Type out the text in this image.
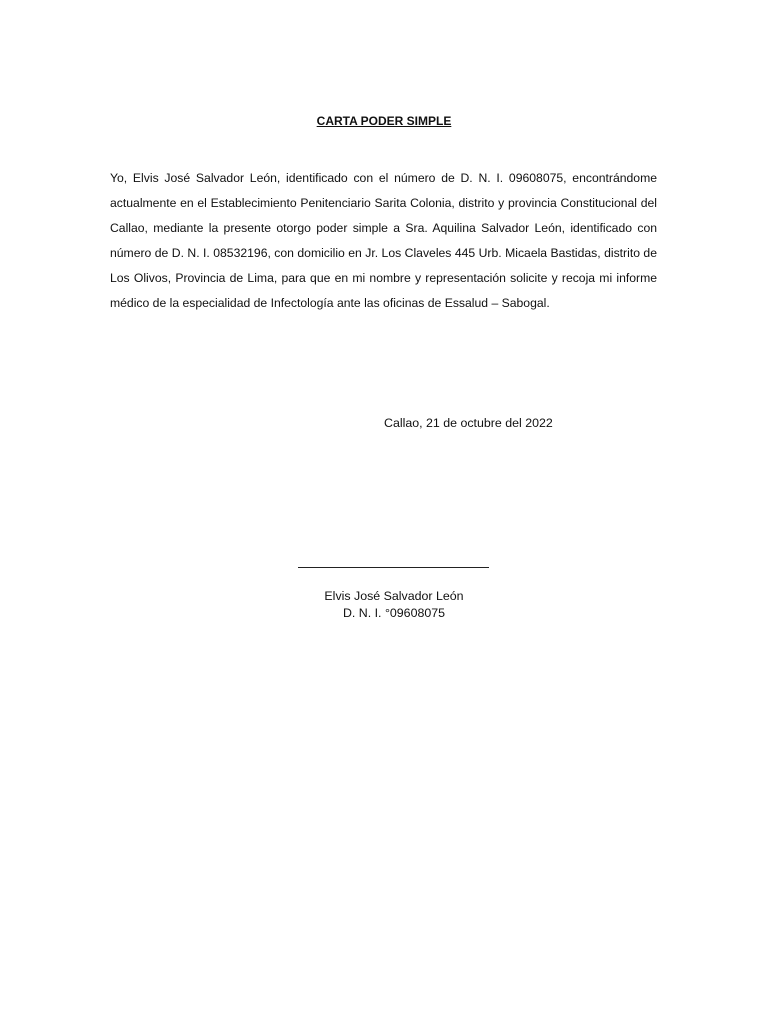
CARTA PODER SIMPLE
Yo, Elvis José Salvador León, identificado con el número de D. N. I. 09608075, encontrándome actualmente en el Establecimiento Penitenciario Sarita Colonia, distrito y provincia Constitucional del Callao, mediante la presente otorgo poder simple a Sra. Aquilina Salvador León, identificado con número de D. N. I. 08532196, con domicilio en Jr. Los Claveles 445 Urb. Micaela Bastidas, distrito de Los Olivos, Provincia de Lima, para que en mi nombre y representación solicite y recoja mi informe médico de la especialidad de Infectología ante las oficinas de Essalud – Sabogal.
Callao, 21 de octubre del 2022
Elvis José Salvador León
D. N. I. °09608075
